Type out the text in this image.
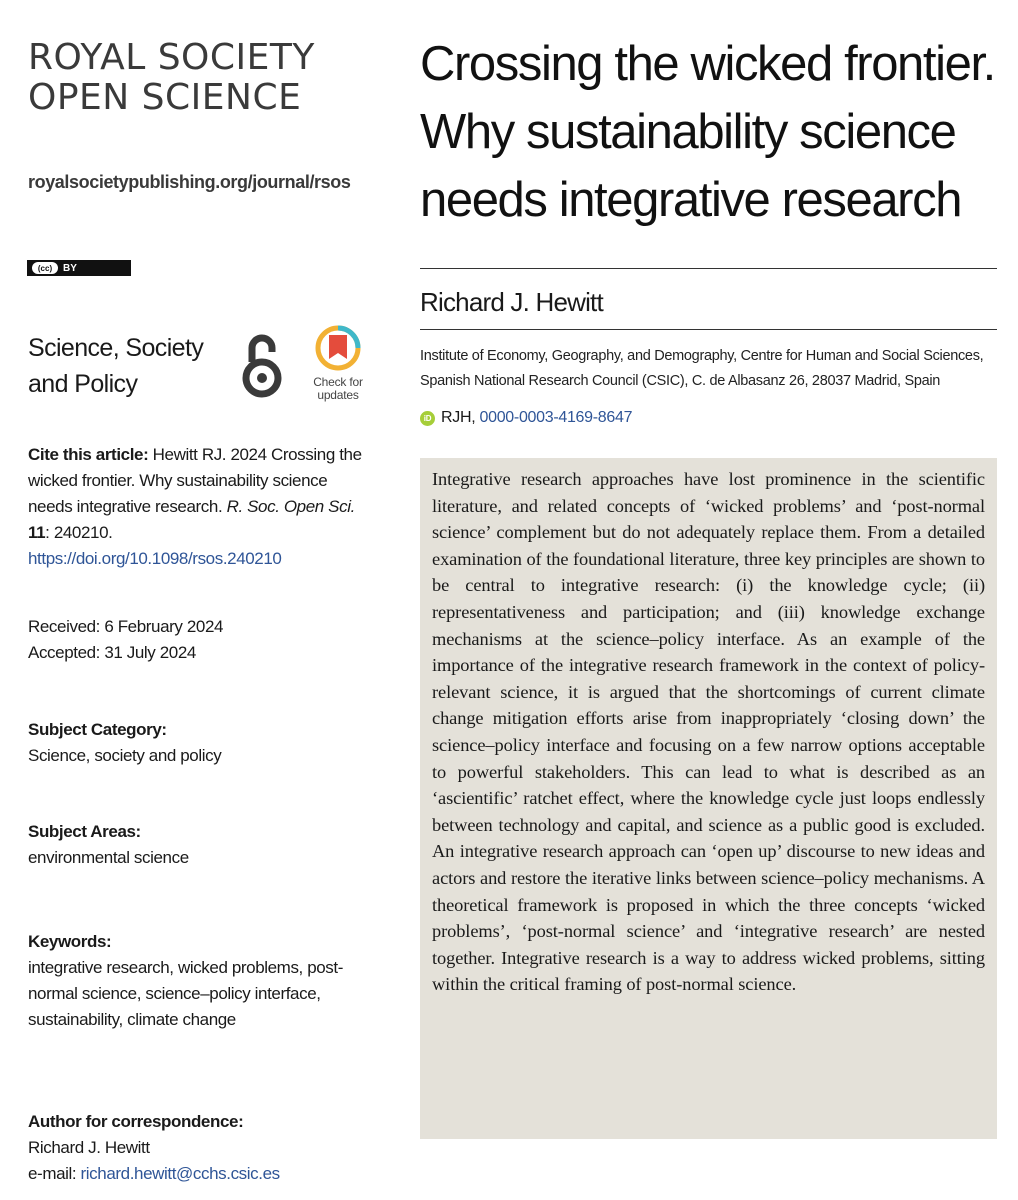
ROYAL SOCIETY
OPEN SCIENCE
royalsocietypublishing.org/journal/rsos
(cc)	BY
Science, Society and Policy	Check for
updates
Cite this article: Hewitt RJ. 2024 Crossing the wicked frontier. Why sustainability science needs integrative research. R. Soc. Open Sci. 11: 240210.
https://doi.org/10.1098/rsos.240210
Received: 6 February 2024
Accepted: 31 July 2024
Subject Category:
Science, society and policy
Subject Areas:
environmental science
Keywords:
integrative research, wicked problems, post-normal science, science–policy interface, sustainability, climate change
Author for correspondence:
Richard J. Hewitt
e-mail: richard.hewitt@cchs.csic.es
Crossing the wicked frontier.
Why sustainability science
needs integrative research
Richard J. Hewitt
Institute of Economy, Geography, and Demography, Centre for Human and Social Sciences,
Spanish National Research Council (CSIC), C. de Albasanz 26, 28037 Madrid, Spain
iD RJH, 0000-0003-4169-8647

Integrative research approaches have lost prominence in the scientific literature, and related concepts of ‘wicked problems’ and ‘post-normal science’ complement but do not adequately replace them. From a detailed examination of the foundational literature, three key principles are shown to be central to integrative research: (i) the knowledge cycle; (ii) representativeness and participation; and (iii) knowledge exchange mechanisms at the science–policy interface. As an example of the importance of the integrative research framework in the context of policy-relevant science, it is argued that the shortcomings of current climate change mitigation efforts arise from inappropriately ‘closing down’ the science–policy interface and focusing on a few narrow options acceptable to powerful stakeholders. This can lead to what is described as an ‘ascientific’ ratchet effect, where the knowledge cycle just loops endlessly between technology and capital, and science as a public good is excluded. An integrative research approach can ‘open up’ discourse to new ideas and actors and restore the iterative links between science–policy mechanisms. A theoretical framework is proposed in which the three concepts ‘wicked problems’, ‘post-normal science’ and ‘integrative research’ are nested together. Integrative research is a way to address wicked problems, sitting within the critical framing of post-normal science.
